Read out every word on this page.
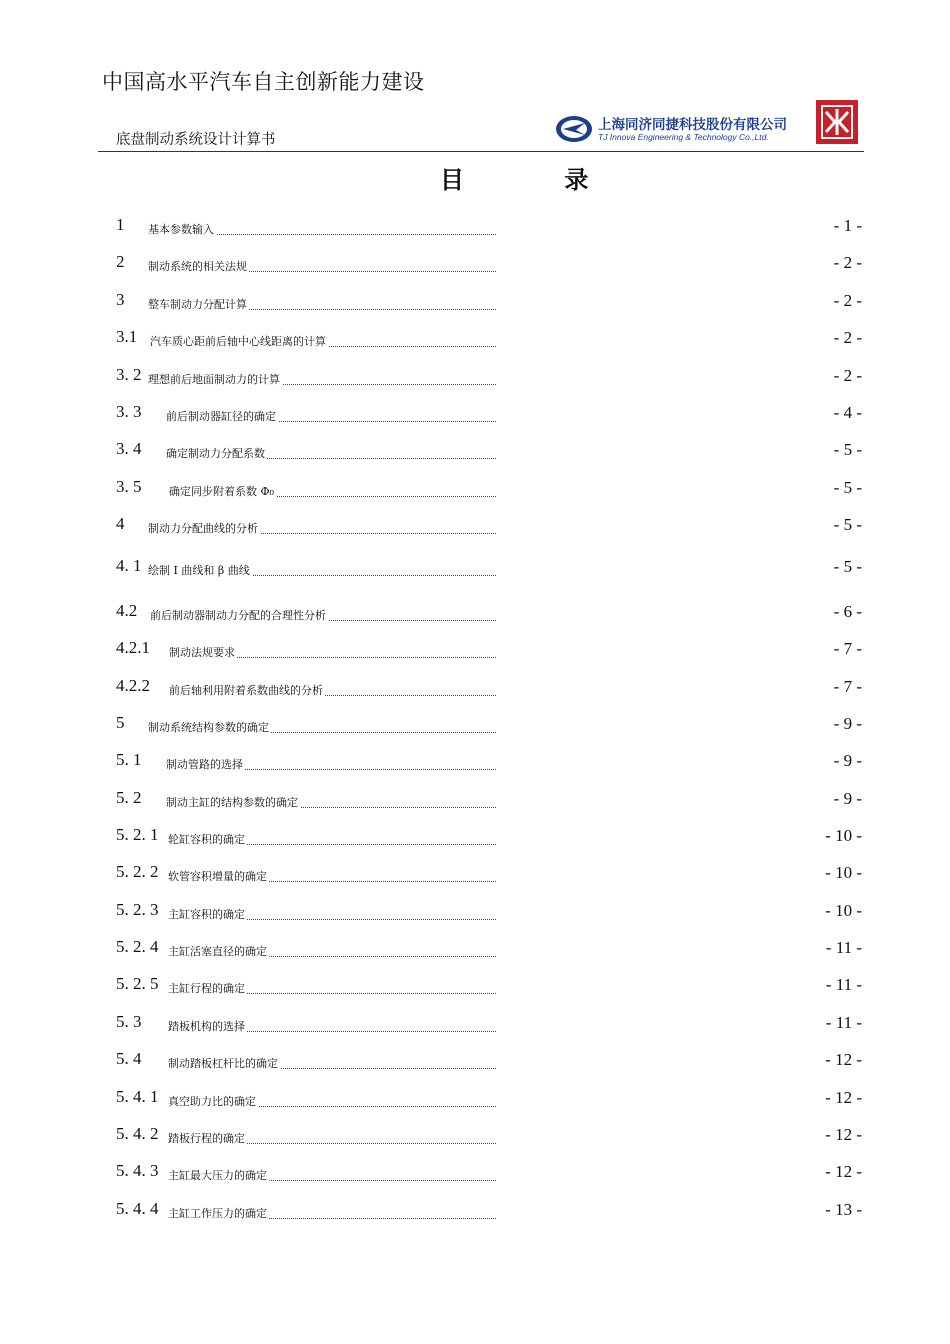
中国高水平汽车自主创新能力建设
底盘制动系统设计计算书
上海同济同捷科技股份有限公司
TJ Innova Engineering & Technology Co.,Ltd.
目 录
1 基本参数输入	- 1 -
2 制动系统的相关法规	- 2 -
3 整车制动力分配计算	- 2 -
3.1 汽车质心距前后轴中心线距离的计算	- 2 -
3. 2 理想前后地面制动力的计算	- 2 -
3. 3 前后制动器缸径的确定	- 4 -
3. 4 确定制动力分配系数	- 5 -
3. 5	确定同步附着系数 Φ₀	- 5 -
4 制动力分配曲线的分析	- 5 -
4. 1 绘制 I 曲线和 β 曲线	- 5 -
4.2 前后制动器制动力分配的合理性分析	- 6 -
4.2.1 制动法规要求	- 7 -
4.2.2 前后轴利用附着系数曲线的分析	- 7 -
5 制动系统结构参数的确定	- 9 -
5. 1 制动管路的选择	- 9 -
5. 2 制动主缸的结构参数的确定	- 9 -
5. 2. 1 轮缸容积的确定	- 10 -
5. 2. 2 软管容积增量的确定	- 10 -
5. 2. 3 主缸容积的确定	- 10 -
5. 2. 4 主缸活塞直径的确定	- 11 -
5. 2. 5 主缸行程的确定	- 11 -
5. 3 踏板机构的选择	- 11 -
5. 4 制动踏板杠杆比的确定	- 12 -
5. 4. 1 真空助力比的确定	- 12 -
5. 4. 2 踏板行程的确定	- 12 -
5. 4. 3 主缸最大压力的确定	- 12 -
5. 4. 4 主缸工作压力的确定	- 13 -
